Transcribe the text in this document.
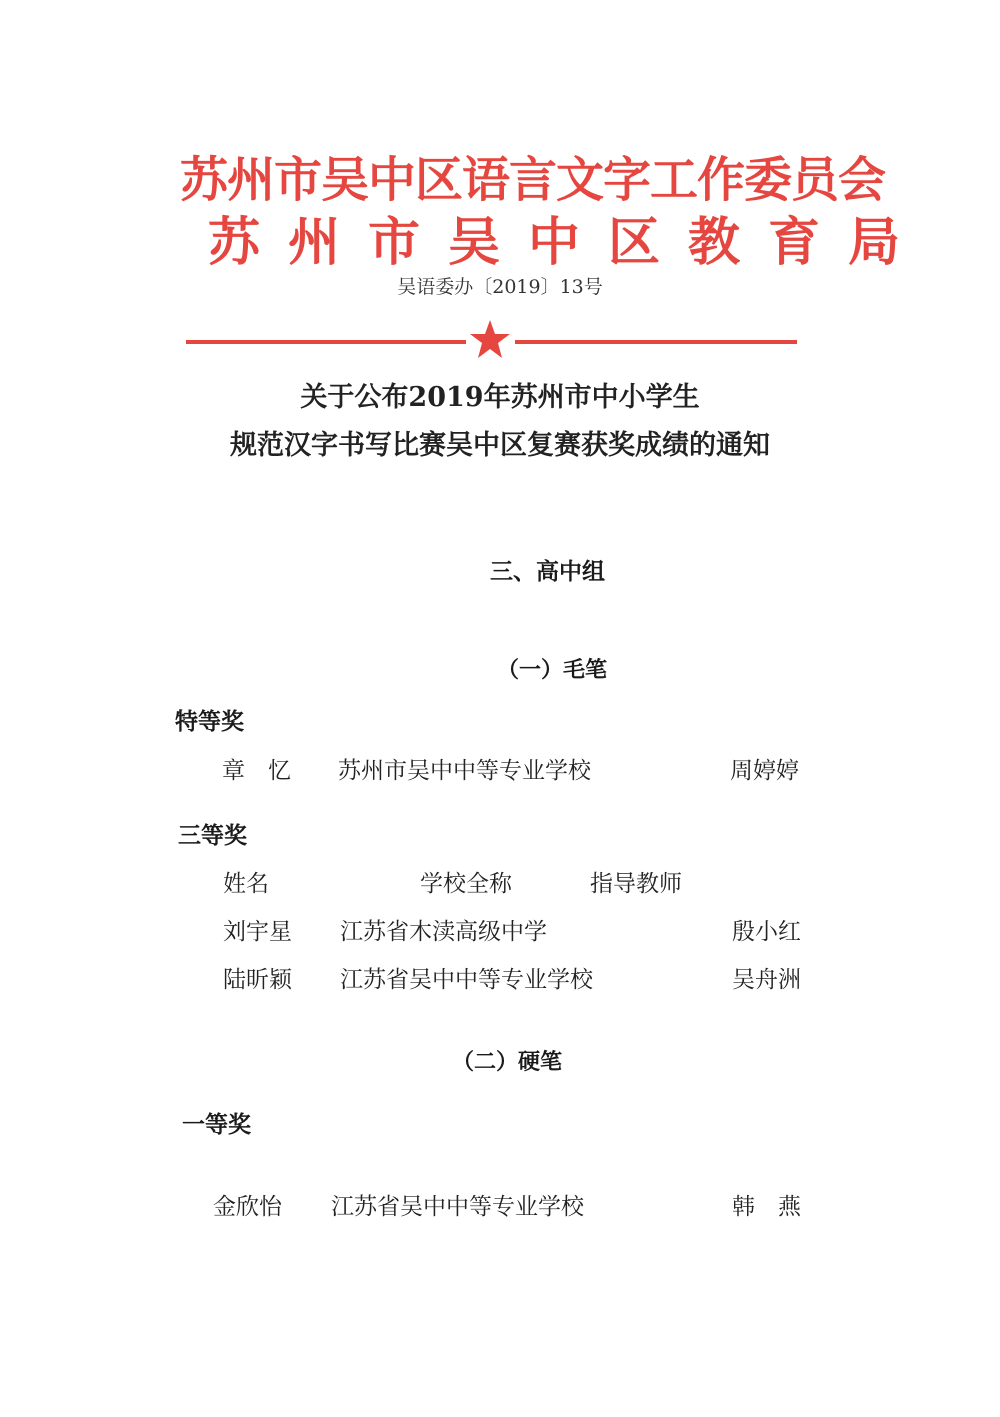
苏州市吴中区语言文字工作委员会
苏州市吴中区教育局
吴语委办〔2019〕13号
关于公布2019年苏州市中小学生
规范汉字书写比赛吴中区复赛获奖成绩的通知
三、高中组
（一）毛笔
特等奖
章　忆 苏州市吴中中等专业学校	周婷婷
三等奖
姓名	学校全称	指导教师
刘宇星 江苏省木渎高级中学	殷小红
陆昕颖 江苏省吴中中等专业学校	吴舟洲
（二）硬笔
一等奖
金欣怡 江苏省吴中中等专业学校	韩　燕
